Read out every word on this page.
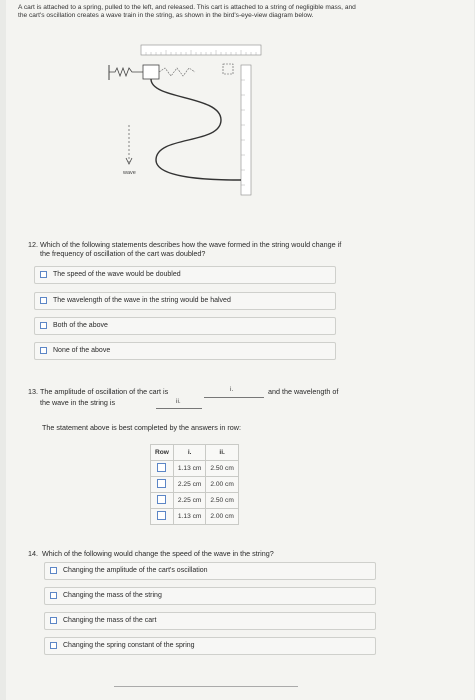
A cart is attached to a spring, pulled to the left, and released. This cart is attached to a string of negligible mass, and the cart's oscillation creates a wave train in the string, as shown in the bird's-eye-view diagram below.
wave
12. Which of the following statements describes how the wave formed in the string would change if the frequency of oscillation of the cart was doubled?
The speed of the wave would be doubled
The wavelength of the wave in the string would be halved
Both of the above
None of the above
13. The amplitude of oscillation of the cart is	i.	and the wavelength of
the wave in the string is	ii.
The statement above is best completed by the answers in row:
Row	i.	ii.
	1.13 cm	2.50 cm
	2.25 cm	2.00 cm
	2.25 cm	2.50 cm
	1.13 cm	2.00 cm
14. Which of the following would change the speed of the wave in the string?
Changing the amplitude of the cart's oscillation
Changing the mass of the string
Changing the mass of the cart
Changing the spring constant of the spring
